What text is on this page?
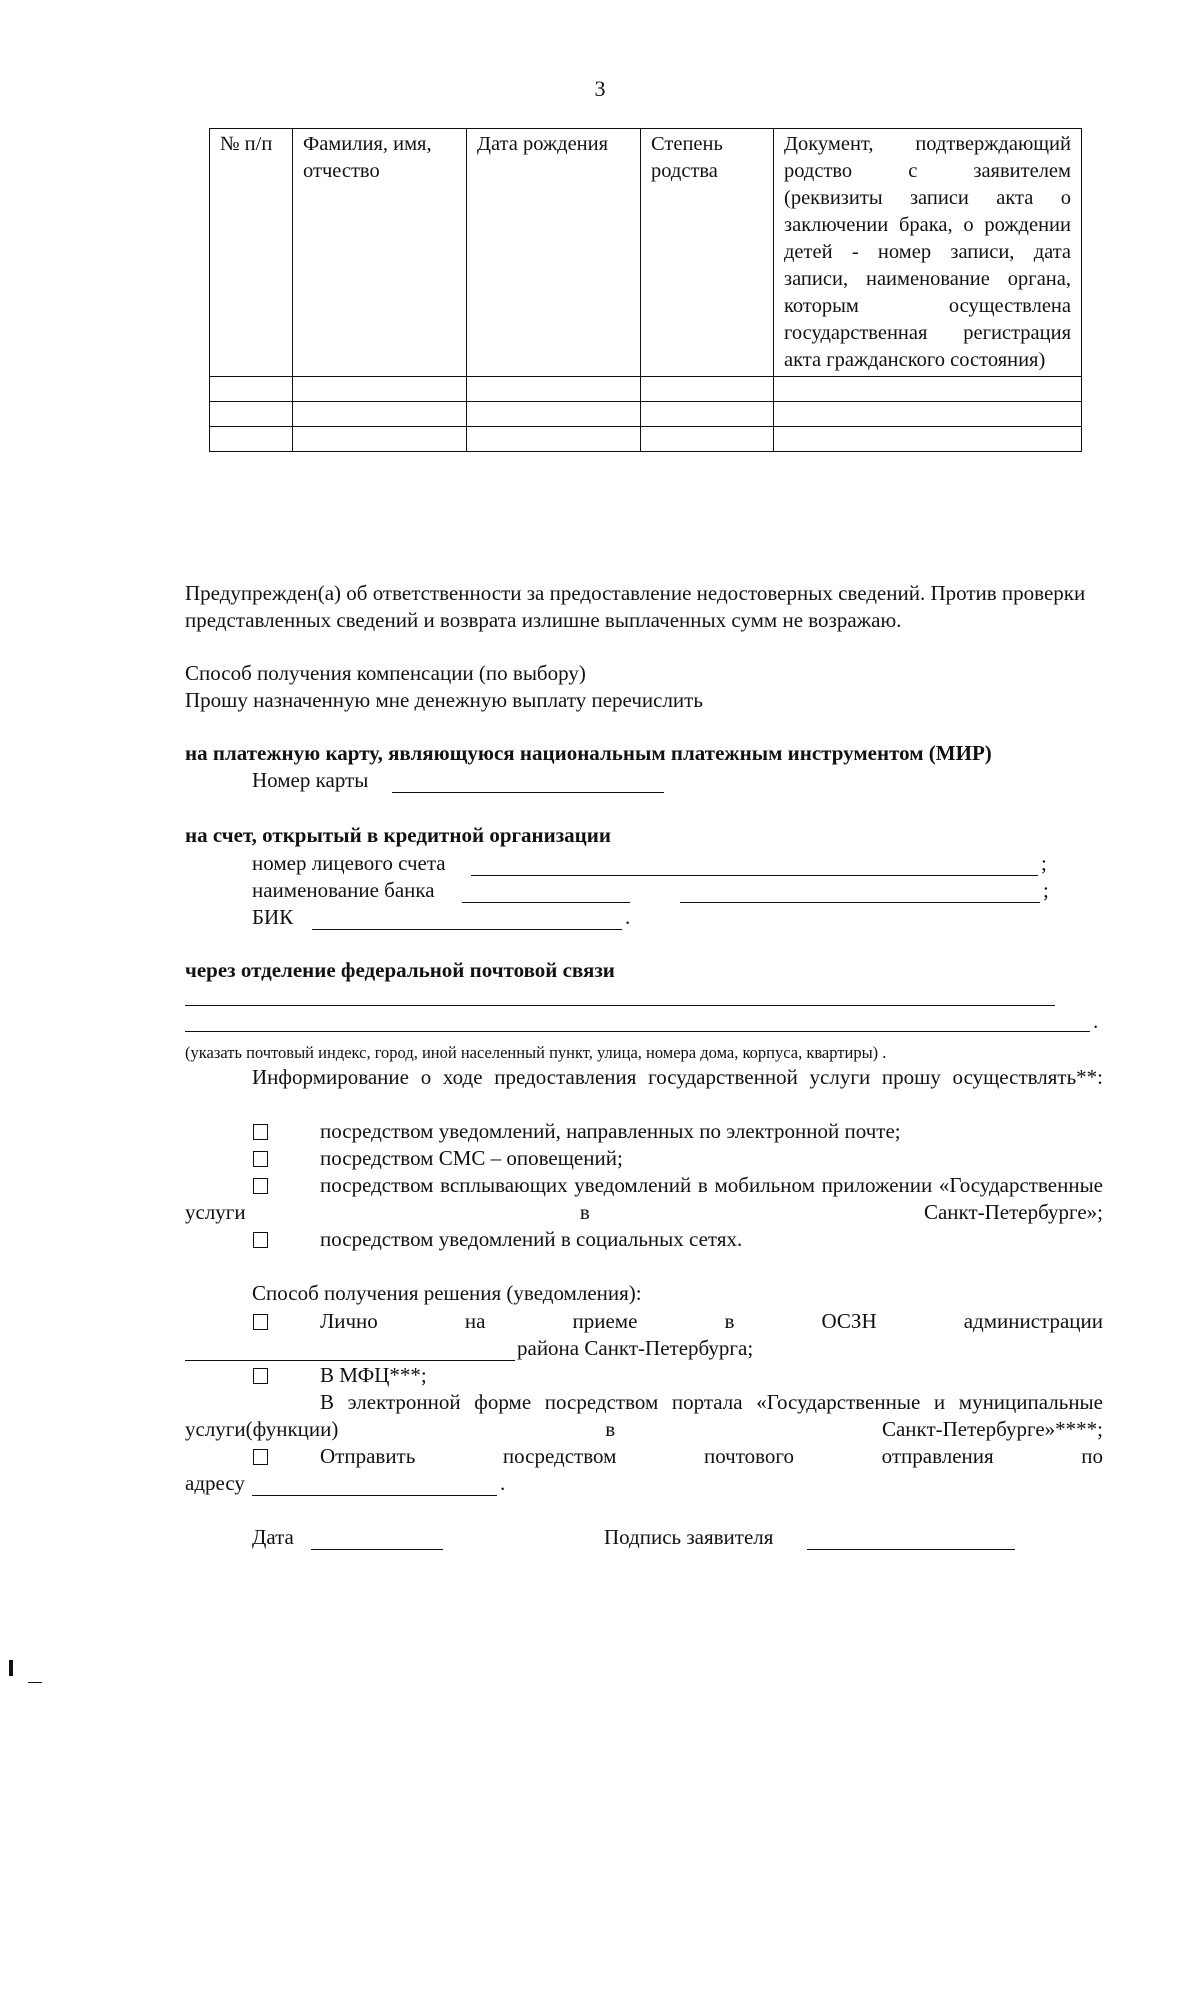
3
№ п/п	Фамилия, имя, отчество	Дата рождения	Степень родства	Документ, подтверждающий родство с заявителем (реквизиты записи акта о заключении брака, о рождении детей - номер записи, дата записи, наименование органа, которым осуществлена государственная регистрация акта гражданского состояния)

Предупрежден(а) об ответственности за предоставление недостоверных сведений. Против проверки представленных сведений и возврата излишне выплаченных сумм не возражаю.
Способ получения компенсации (по выбору)
Прошу назначенную мне денежную выплату перечислить
на платежную карту, являющуюся национальным платежным инструментом (МИР)
Номер карты
на счет, открытый в кредитной организации
номер лицевого счета	;
наименование банка	;
БИК	.
через отделение федеральной почтовой связи
.
(указать почтовый индекс, город, иной населенный пункт, улица, номера дома, корпуса, квартиры) .
Информирование о ходе предоставления государственной услуги прошу осуществлять**:
посредством уведомлений, направленных по электронной почте;
посредством СМС – оповещений;
посредством всплывающих уведомлений в мобильном приложении «Государственные услуги в Санкт-Петербурге»;
посредством уведомлений в социальных сетях.
Способ получения решения (уведомления):
Лично на приеме в ОСЗН администрации
района Санкт-Петербурга;
В МФЦ***;
В электронной форме посредством портала «Государственные и муниципальные услуги(функции) в Санкт-Петербурге»****;
Отправить посредством почтового отправления по
адресу	.
Дата	Подпись заявителя
